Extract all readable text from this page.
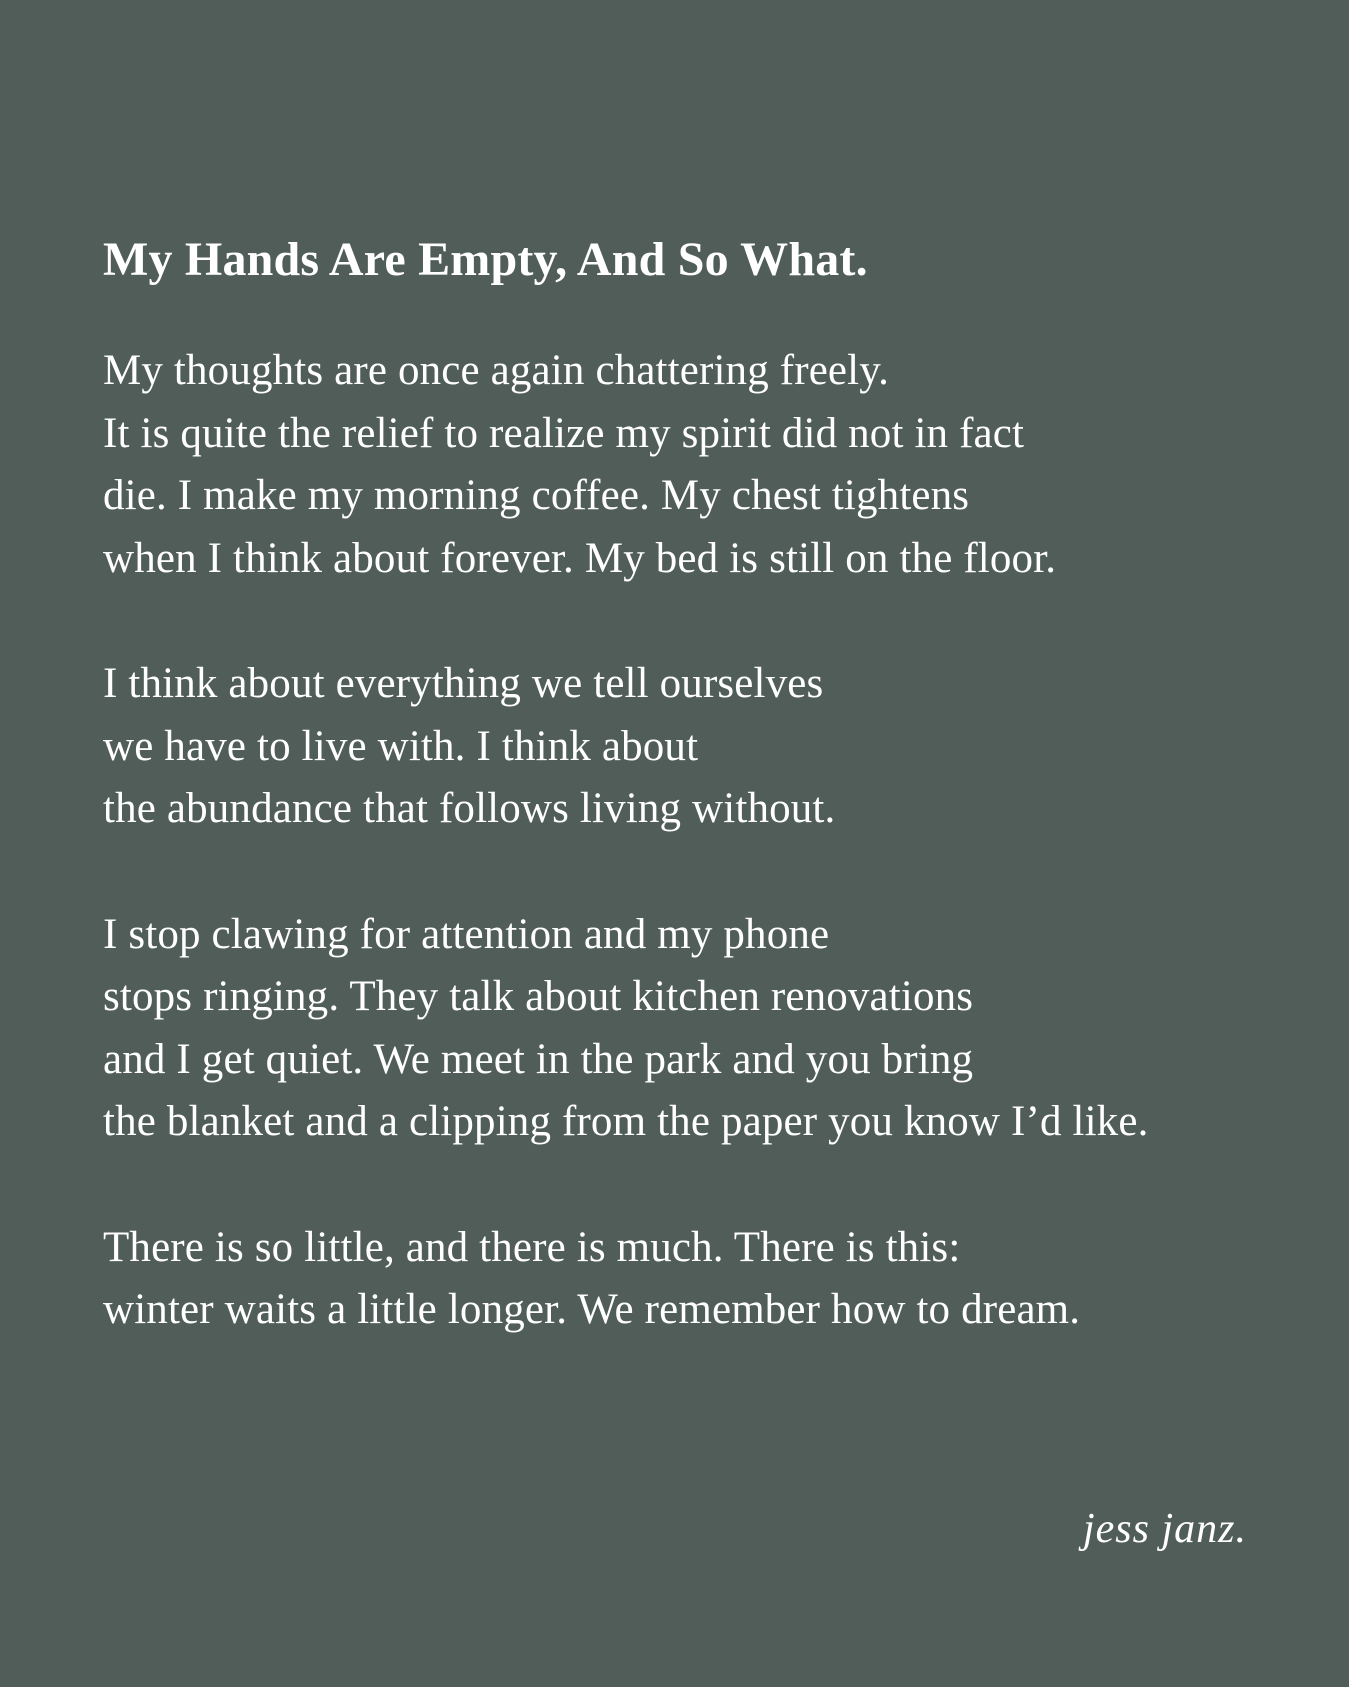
My Hands Are Empty, And So What.
My thoughts are once again chattering freely.
It is quite the relief to realize my spirit did not in fact
die. I make my morning coffee. My chest tightens
when I think about forever. My bed is still on the floor.
I think about everything we tell ourselves
we have to live with. I think about
the abundance that follows living without.
I stop clawing for attention and my phone
stops ringing. They talk about kitchen renovations
and I get quiet. We meet in the park and you bring
the blanket and a clipping from the paper you know I’d like.
There is so little, and there is much. There is this:
winter waits a little longer. We remember how to dream.
jess janz.
